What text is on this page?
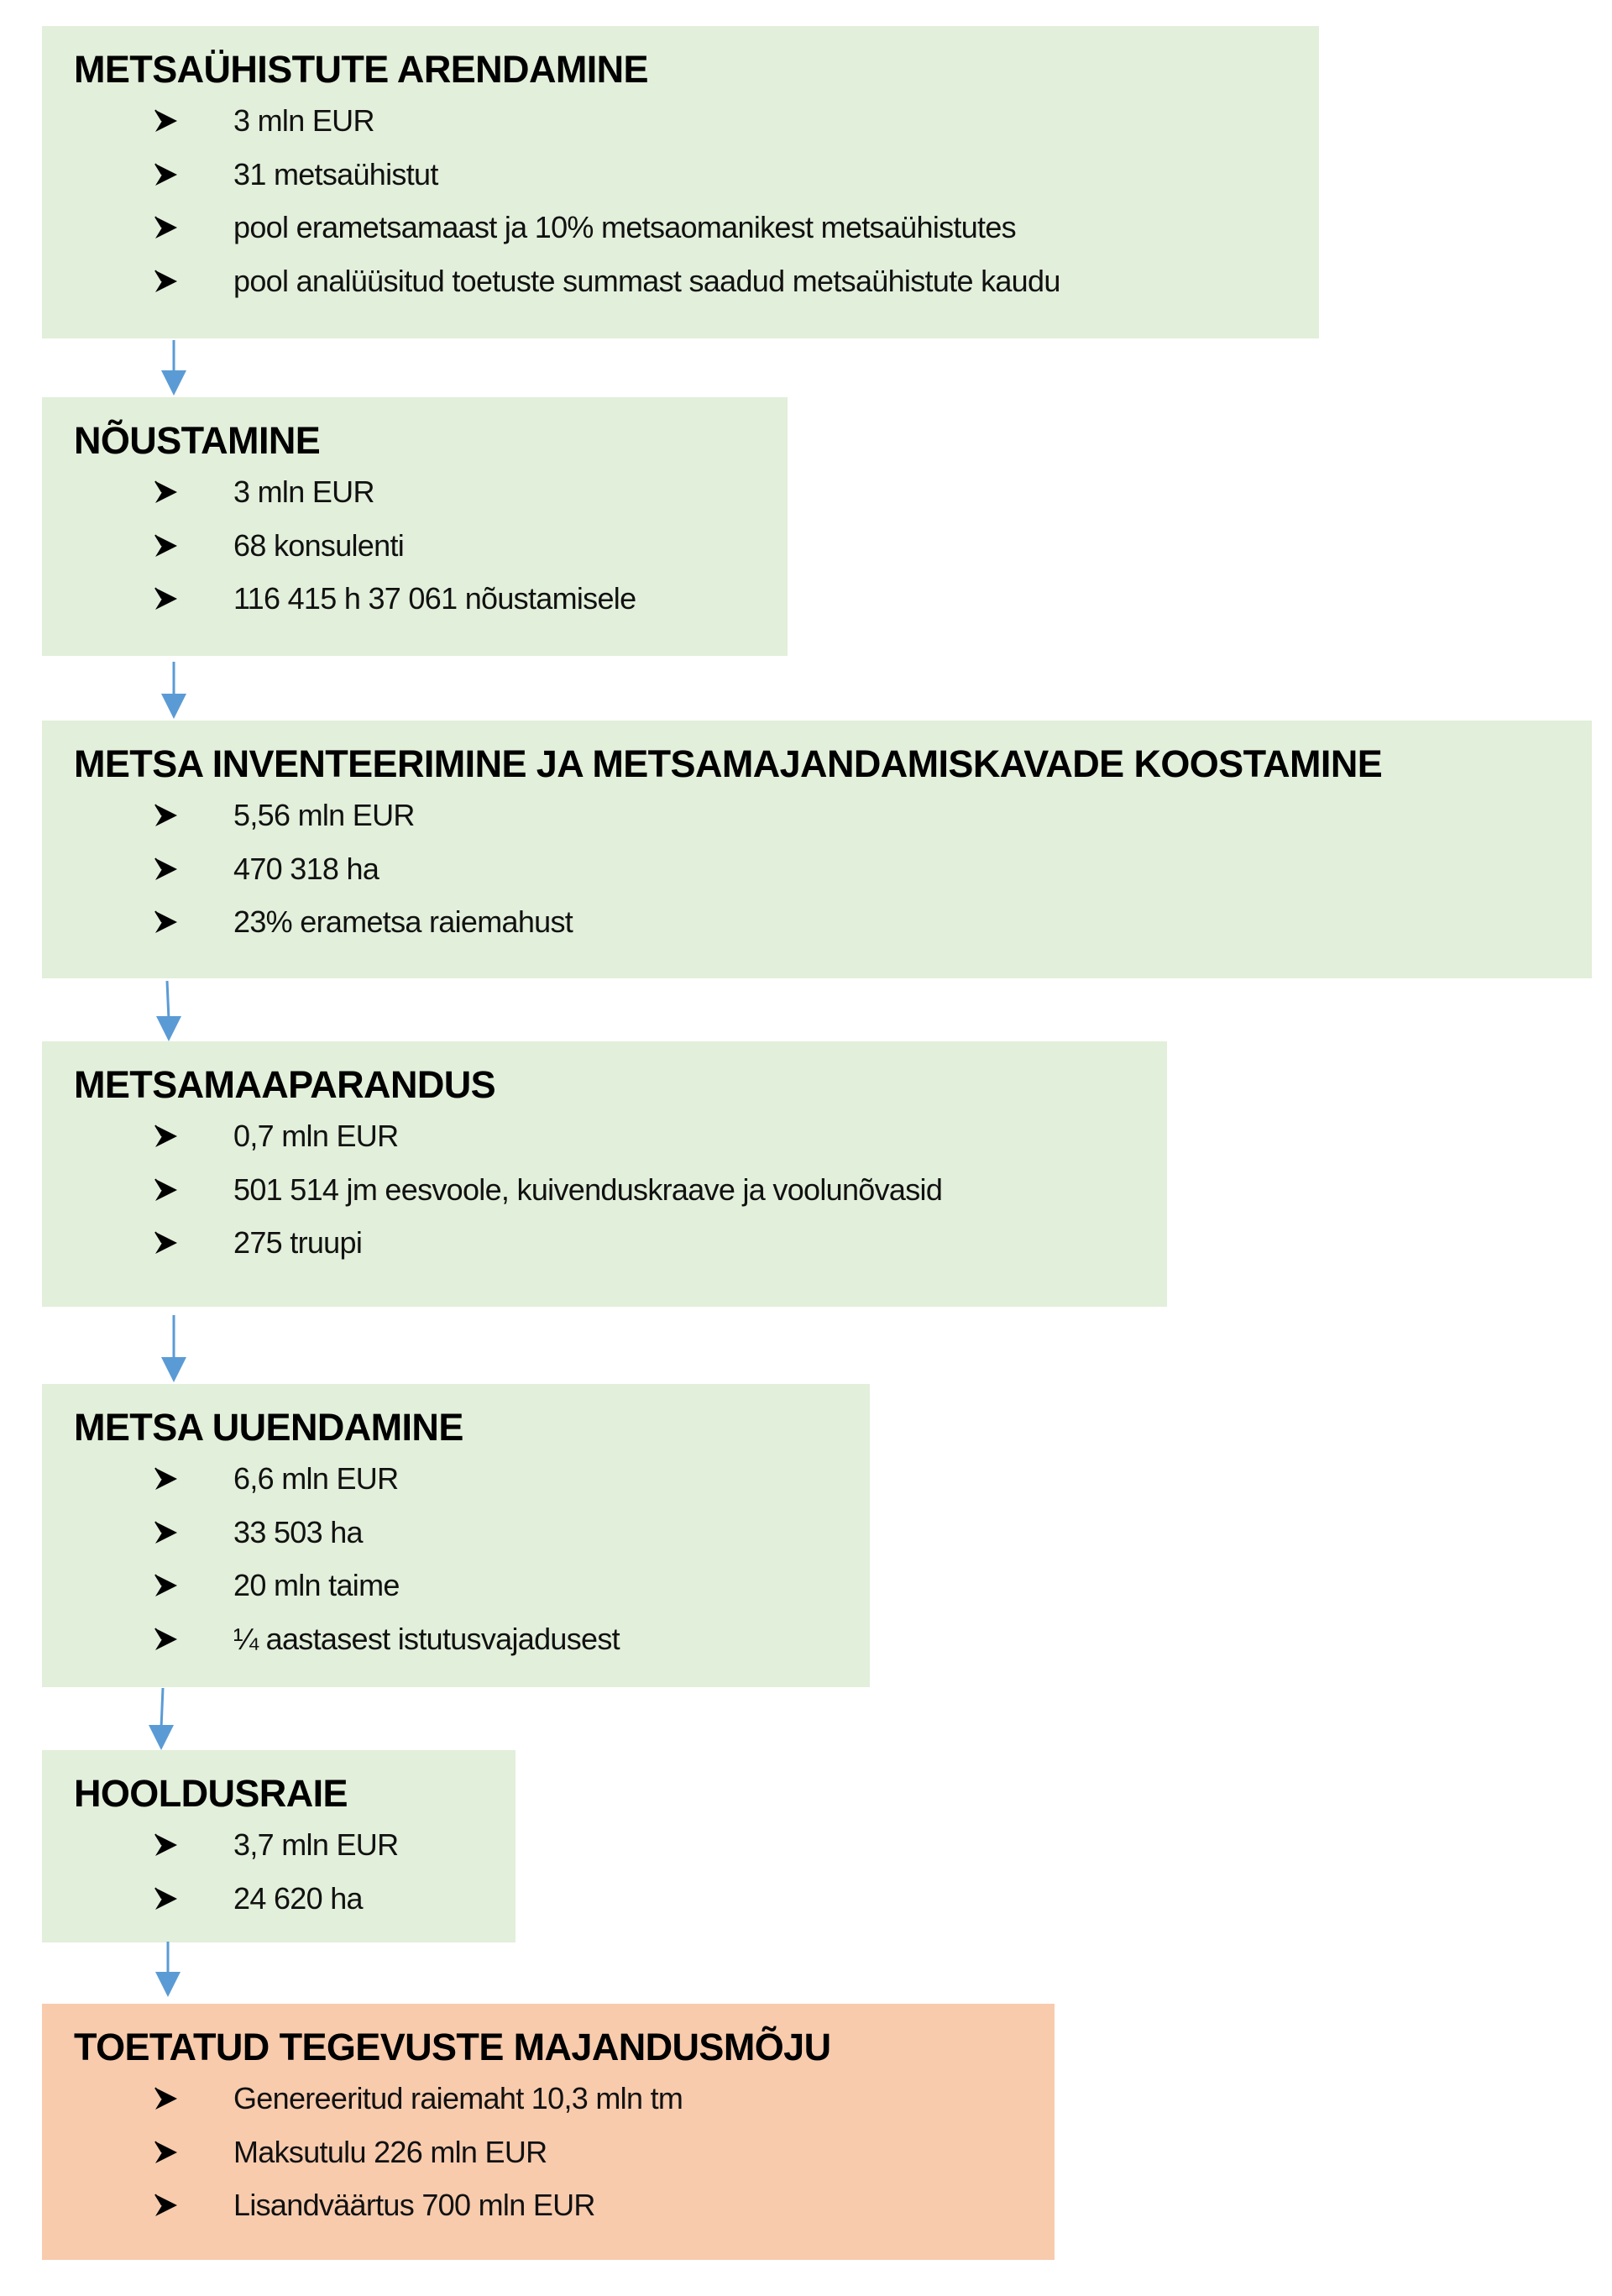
METSAÜHISTUTE ARENDAMINE
3 mln EUR
31 metsaühistut
pool erametsamaast ja 10% metsaomanikest metsaühistutes
pool analüüsitud toetuste summast saadud metsaühistute kaudu
NÕUSTAMINE
3 mln EUR
68 konsulenti
116 415 h 37 061 nõustamisele
METSA INVENTEERIMINE JA METSAMAJANDAMISKAVADE KOOSTAMINE
5,56 mln EUR
470 318 ha
23% erametsa raiemahust
METSAMAAPARANDUS
0,7 mln EUR
501 514 jm eesvoole, kuivenduskraave ja voolunõvasid
275 truupi
METSA UUENDAMINE
6,6 mln EUR
33 503 ha
20 mln taime
¼ aastasest istutusvajadusest
HOOLDUSRAIE
3,7 mln EUR
24 620 ha
TOETATUD TEGEVUSTE MAJANDUSMÕJU
Genereeritud raiemaht 10,3 mln tm
Maksutulu 226 mln EUR
Lisandväärtus 700 mln EUR
